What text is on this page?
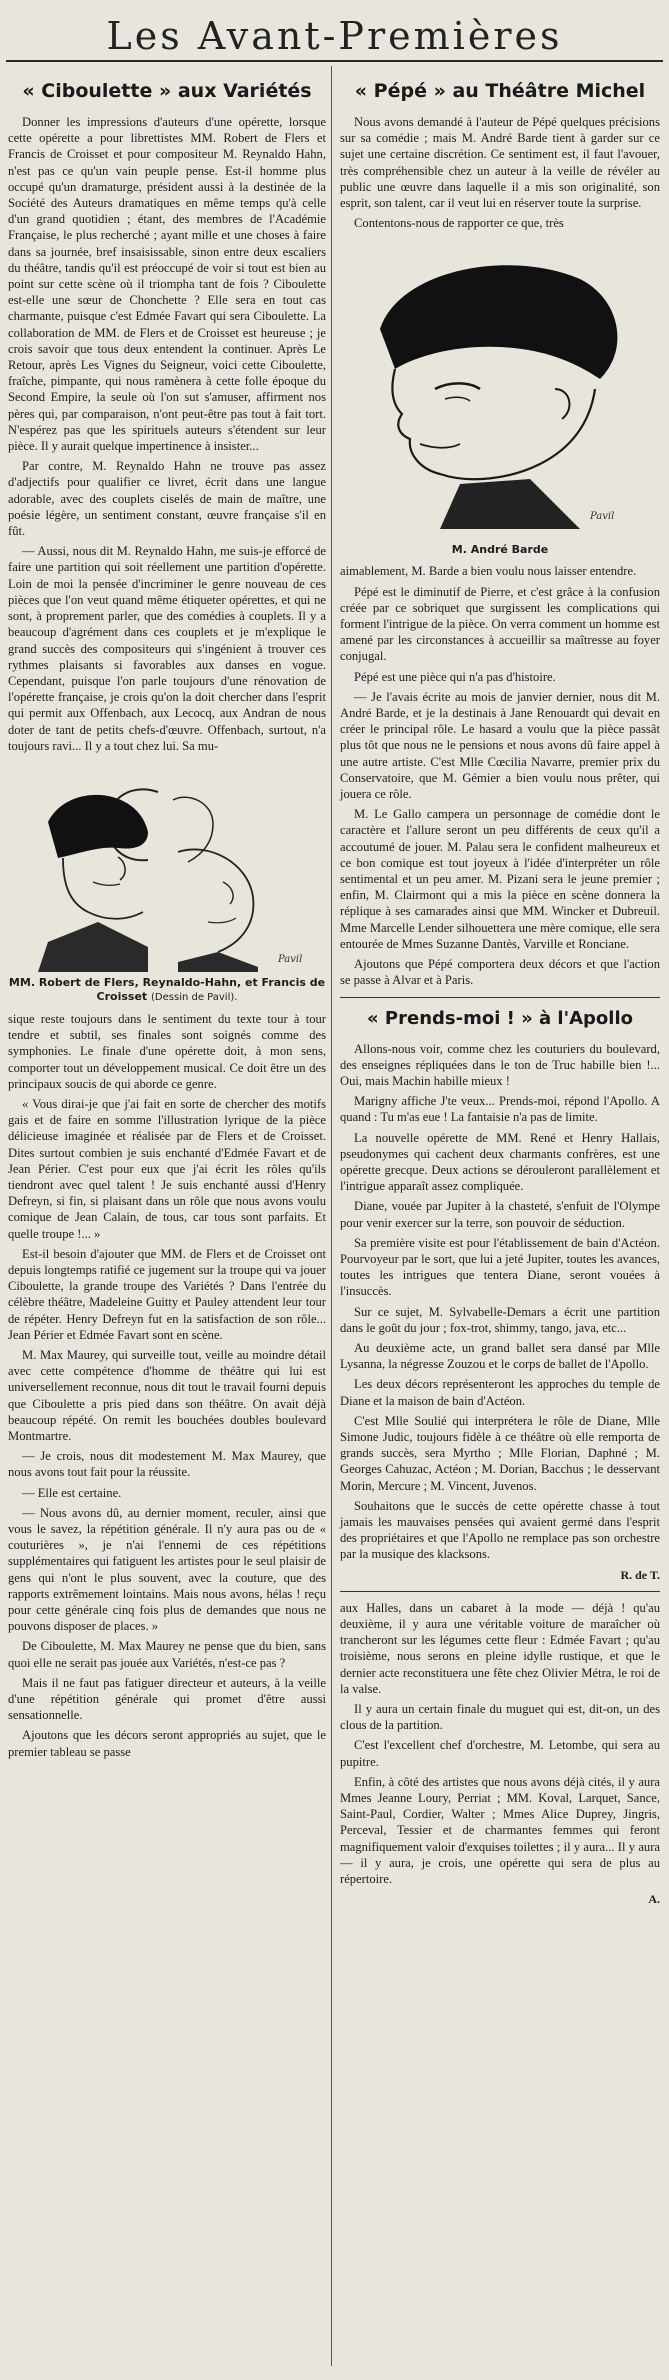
Les Avant-Premières
« Ciboulette » aux Variétés

Donner les impressions d'auteurs d'une opérette, lorsque cette opérette a pour librettistes MM. Robert de Flers et Francis de Croisset et pour compositeur M. Reynaldo Hahn, n'est pas ce qu'un vain peuple pense. Est-il homme plus occupé qu'un dramaturge, président aussi à la destinée de la Société des Auteurs dramatiques en même temps qu'à celle d'un grand quotidien ; étant, des membres de l'Académie Française, le plus recherché ; ayant mille et une choses à faire dans sa journée, bref insaisissable, sinon entre deux escaliers du théâtre, tandis qu'il est préoccupé de voir si tout est bien au point sur cette scène où il triompha tant de fois ? Ciboulette est-elle une sœur de Chonchette ? Elle sera en tout cas charmante, puisque c'est Edmée Favart qui sera Ciboulette. La collaboration de MM. de Flers et de Croisset est heureuse ; je crois savoir que tous deux entendent la continuer. Après Le Retour, après Les Vignes du Seigneur, voici cette Ciboulette, fraîche, pimpante, qui nous ramènera à cette folle époque du Second Empire, la seule où l'on sut s'amuser, affirment nos pères qui, par comparaison, n'ont peut-être pas tout à fait tort. N'espérez pas que les spirituels auteurs s'étendent sur leur pièce. Il y aurait quelque impertinence à insister...

Par contre, M. Reynaldo Hahn ne trouve pas assez d'adjectifs pour qualifier ce livret, écrit dans une langue adorable, avec des couplets ciselés de main de maître, une poésie légère, un sentiment constant, œuvre française s'il en fût.

— Aussi, nous dit M. Reynaldo Hahn, me suis-je efforcé de faire une partition qui soit réellement une partition d'opérette. Loin de moi la pensée d'incriminer le genre nouveau de ces pièces que l'on veut quand même étiqueter opérettes, et qui ne sont, à proprement parler, que des comédies à couplets. Il y a beaucoup d'agrément dans ces couplets et je m'explique le grand succès des compositeurs qui s'ingénient à trouver ces rythmes plaisants si favorables aux danses en vogue. Cependant, puisque l'on parle toujours d'une rénovation de l'opérette française, je crois qu'on la doit chercher dans l'esprit qui permit aux Offenbach, aux Lecocq, aux Andran de nous doter de tant de petits chefs-d'œuvre. Offenbach, surtout, n'a toujours ravi... Il y a tout chez lui. Sa mu-

Pavil
MM. Robert de Flers, Reynaldo-Hahn, et Francis de Croisset (Dessin de Pavil).

sique reste toujours dans le sentiment du texte tour à tour tendre et subtil, ses finales sont soignés comme des symphonies. Le finale d'une opérette doit, à mon sens, comporter tout un développement musical. Ce doit être un des principaux soucis de qui aborde ce genre.

« Vous dirai-je que j'ai fait en sorte de chercher des motifs gais et de faire en somme l'illustration lyrique de la pièce délicieuse imaginée et réalisée par de Flers et de Croisset. Dites surtout combien je suis enchanté d'Edmée Favart et de Jean Périer. C'est pour eux que j'ai écrit les rôles qu'ils tiendront avec quel talent ! Je suis enchanté aussi d'Henry Defreyn, si fin, si plaisant dans un rôle que nous avons voulu comique de Jean Calain, de tous, car tous sont parfaits. Et quelle troupe !... »

Est-il besoin d'ajouter que MM. de Flers et de Croisset ont depuis longtemps ratifié ce jugement sur la troupe qui va jouer Ciboulette, la grande troupe des Variétés ? Dans l'entrée du célèbre théâtre, Madeleine Guitty et Pauley attendent leur tour de répéter. Henry Defreyn fut en la satisfaction de son rôle... Jean Périer et Edmée Favart sont en scène.

M. Max Maurey, qui surveille tout, veille au moindre détail avec cette compétence d'homme de théâtre qui lui est universellement reconnue, nous dit tout le travail fourni depuis que Ciboulette a pris pied dans son théâtre. On avait déjà beaucoup répété. On remit les bouchées doubles boulevard Montmartre.

— Je crois, nous dit modestement M. Max Maurey, que nous avons tout fait pour la réussite.

— Elle est certaine.

— Nous avons dû, au dernier moment, reculer, ainsi que vous le savez, la répétition générale. Il n'y aura pas ou de « couturières », je n'ai l'ennemi de ces répétitions supplémentaires qui fatiguent les artistes pour le seul plaisir de gens qui n'ont le plus souvent, avec la couture, que des rapports extrêmement lointains. Mais nous avons, hélas ! reçu pour cette générale cinq fois plus de demandes que nous ne pouvons disposer de places. »

De Ciboulette, M. Max Maurey ne pense que du bien, sans quoi elle ne serait pas jouée aux Variétés, n'est-ce pas ?

Mais il ne faut pas fatiguer directeur et auteurs, à la veille d'une répétition générale qui promet d'être aussi sensationnelle.

Ajoutons que les décors seront appropriés au sujet, que le premier tableau se passe

« Pépé » au Théâtre Michel

Nous avons demandé à l'auteur de Pépé quelques précisions sur sa comédie ; mais M. André Barde tient à garder sur ce sujet une certaine discrétion. Ce sentiment est, il faut l'avouer, très compréhensible chez un auteur à la veille de révéler au public une œuvre dans laquelle il a mis son originalité, son esprit, son talent, car il veut lui en réserver toute la surprise.

Contentons-nous de rapporter ce que, très

Pavil
M. André Barde

aimablement, M. Barde a bien voulu nous laisser entendre.

Pépé est le diminutif de Pierre, et c'est grâce à la confusion créée par ce sobriquet que surgissent les complications qui forment l'intrigue de la pièce. On verra comment un homme est amené par les circonstances à accueillir sa maîtresse au foyer conjugal.

Pépé est une pièce qui n'a pas d'histoire.

— Je l'avais écrite au mois de janvier dernier, nous dit M. André Barde, et je la destinais à Jane Renouardt qui devait en créer le principal rôle. Le hasard a voulu que la pièce passât plus tôt que nous ne le pensions et nous avons dû faire appel à une autre artiste. C'est Mlle Cœcilia Navarre, premier prix du Conservatoire, que M. Gémier a bien voulu nous prêter, qui jouera ce rôle.

M. Le Gallo campera un personnage de comédie dont le caractère et l'allure seront un peu différents de ceux qu'il a accoutumé de jouer. M. Palau sera le confident malheureux et ce bon comique est tout joyeux à l'idée d'interpréter un rôle sentimental et un peu amer. M. Pizani sera le jeune premier ; enfin, M. Clairmont qui a mis la pièce en scène donnera la réplique à ses camarades ainsi que MM. Wincker et Dubreuil. Mme Marcelle Lender silhouettera une mère comique, elle sera entourée de Mmes Suzanne Dantès, Varville et Ronciane.

Ajoutons que Pépé comportera deux décors et que l'action se passe à Alvar et à Paris.

« Prends-moi ! » à l'Apollo

Allons-nous voir, comme chez les couturiers du boulevard, des enseignes répliquées dans le ton de Truc habille bien !... Oui, mais Machin habille mieux !

Marigny affiche J'te veux... Prends-moi, répond l'Apollo. A quand : Tu m'as eue ! La fantaisie n'a pas de limite.

La nouvelle opérette de MM. René et Henry Hallais, pseudonymes qui cachent deux charmants confrères, est une opérette grecque. Deux actions se dérouleront parallèlement et l'intrigue apparaît assez compliquée.

Diane, vouée par Jupiter à la chasteté, s'enfuit de l'Olympe pour venir exercer sur la terre, son pouvoir de séduction.

Sa première visite est pour l'établissement de bain d'Actéon. Pourvoyeur par le sort, que lui a jeté Jupiter, toutes les avances, toutes les intrigues que tentera Diane, seront vouées à l'insuccès.

Sur ce sujet, M. Sylvabelle-Demars a écrit une partition dans le goût du jour ; fox-trot, shimmy, tango, java, etc...

Au deuxième acte, un grand ballet sera dansé par Mlle Lysanna, la négresse Zouzou et le corps de ballet de l'Apollo.

Les deux décors représenteront les approches du temple de Diane et la maison de bain d'Actéon.

C'est Mlle Soulié qui interprétera le rôle de Diane, Mlle Simone Judic, toujours fidèle à ce théâtre où elle remporta de grands succès, sera Myrtho ; Mlle Florian, Daphné ; M. Georges Cahuzac, Actéon ; M. Dorian, Bacchus ; le desservant Morin, Mercure ; M. Vincent, Juvenos.

Souhaitons que le succès de cette opérette chasse à tout jamais les mauvaises pensées qui avaient germé dans l'esprit des propriétaires et que l'Apollo ne remplace pas son orchestre par la musique des klacksons.

R. de T.

aux Halles, dans un cabaret à la mode — déjà ! qu'au deuxième, il y aura une véritable voiture de maraîcher où trancheront sur les légumes cette fleur : Edmée Favart ; qu'au troisième, nous serons en pleine idylle rustique, et que le dernier acte reconstituera une fête chez Olivier Métra, le roi de la valse.

Il y aura un certain finale du muguet qui est, dit-on, un des clous de la partition.

C'est l'excellent chef d'orchestre, M. Letombe, qui sera au pupitre.

Enfin, à côté des artistes que nous avons déjà cités, il y aura Mmes Jeanne Loury, Perriat ; MM. Koval, Larquet, Sance, Saint-Paul, Cordier, Walter ; Mmes Alice Duprey, Jingris, Perceval, Tessier et de charmantes femmes qui feront magnifiquement valoir d'exquises toilettes ; il y aura... Il y aura — il y aura, je crois, une opérette qui sera de plus au répertoire.

A.
